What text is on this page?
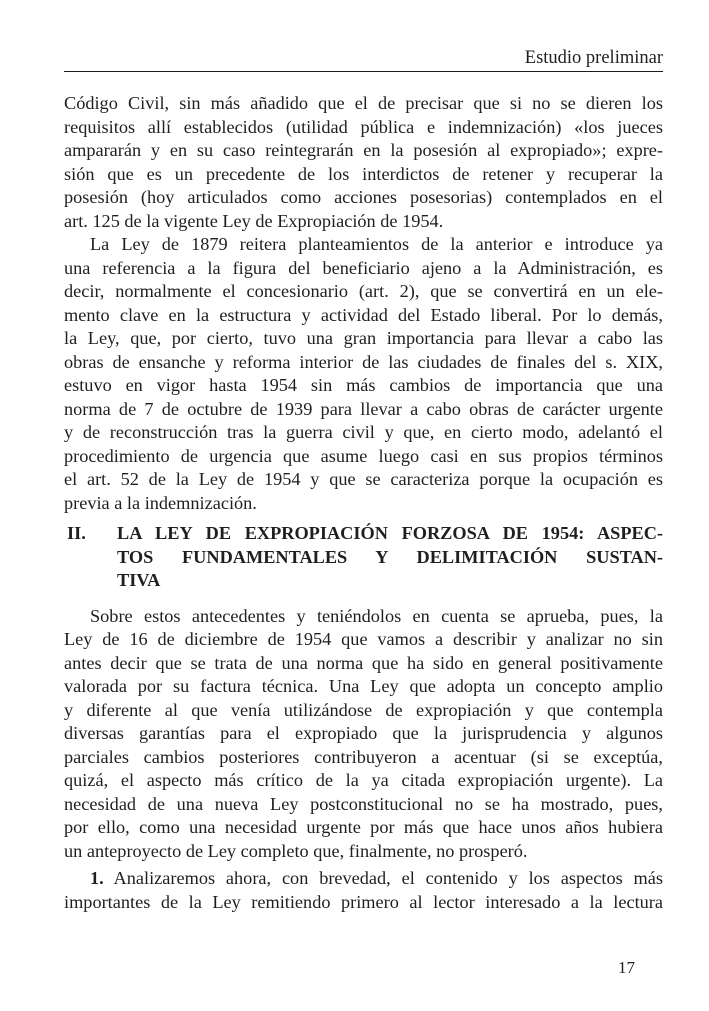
Estudio preliminar
Código Civil, sin más añadido que el de precisar que si no se dieren los
requisitos allí establecidos (utilidad pública e indemnización) «los jueces
ampararán y en su caso reintegrarán en la posesión al expropiado»; expre-
sión que es un precedente de los interdictos de retener y recuperar la
posesión (hoy articulados como acciones posesorias) contemplados en el
art. 125 de la vigente Ley de Expropiación de 1954.
La Ley de 1879 reitera planteamientos de la anterior e introduce ya
una referencia a la figura del beneficiario ajeno a la Administración, es
decir, normalmente el concesionario (art. 2), que se convertirá en un ele-
mento clave en la estructura y actividad del Estado liberal. Por lo demás,
la Ley, que, por cierto, tuvo una gran importancia para llevar a cabo las
obras de ensanche y reforma interior de las ciudades de finales del s. XIX,
estuvo en vigor hasta 1954 sin más cambios de importancia que una
norma de 7 de octubre de 1939 para llevar a cabo obras de carácter urgente
y de reconstrucción tras la guerra civil y que, en cierto modo, adelantó el
procedimiento de urgencia que asume luego casi en sus propios términos
el art. 52 de la Ley de 1954 y que se caracteriza porque la ocupación es
previa a la indemnización.
II.	LA LEY DE EXPROPIACIÓN FORZOSA DE 1954: ASPEC-
TOS FUNDAMENTALES Y DELIMITACIÓN SUSTAN-
TIVA
Sobre estos antecedentes y teniéndolos en cuenta se aprueba, pues, la
Ley de 16 de diciembre de 1954 que vamos a describir y analizar no sin
antes decir que se trata de una norma que ha sido en general positivamente
valorada por su factura técnica. Una Ley que adopta un concepto amplio
y diferente al que venía utilizándose de expropiación y que contempla
diversas garantías para el expropiado que la jurisprudencia y algunos
parciales cambios posteriores contribuyeron a acentuar (si se exceptúa,
quizá, el aspecto más crítico de la ya citada expropiación urgente). La
necesidad de una nueva Ley postconstitucional no se ha mostrado, pues,
por ello, como una necesidad urgente por más que hace unos años hubiera
un anteproyecto de Ley completo que, finalmente, no prosperó.
1. Analizaremos ahora, con brevedad, el contenido y los aspectos más
importantes de la Ley remitiendo primero al lector interesado a la lectura
17
